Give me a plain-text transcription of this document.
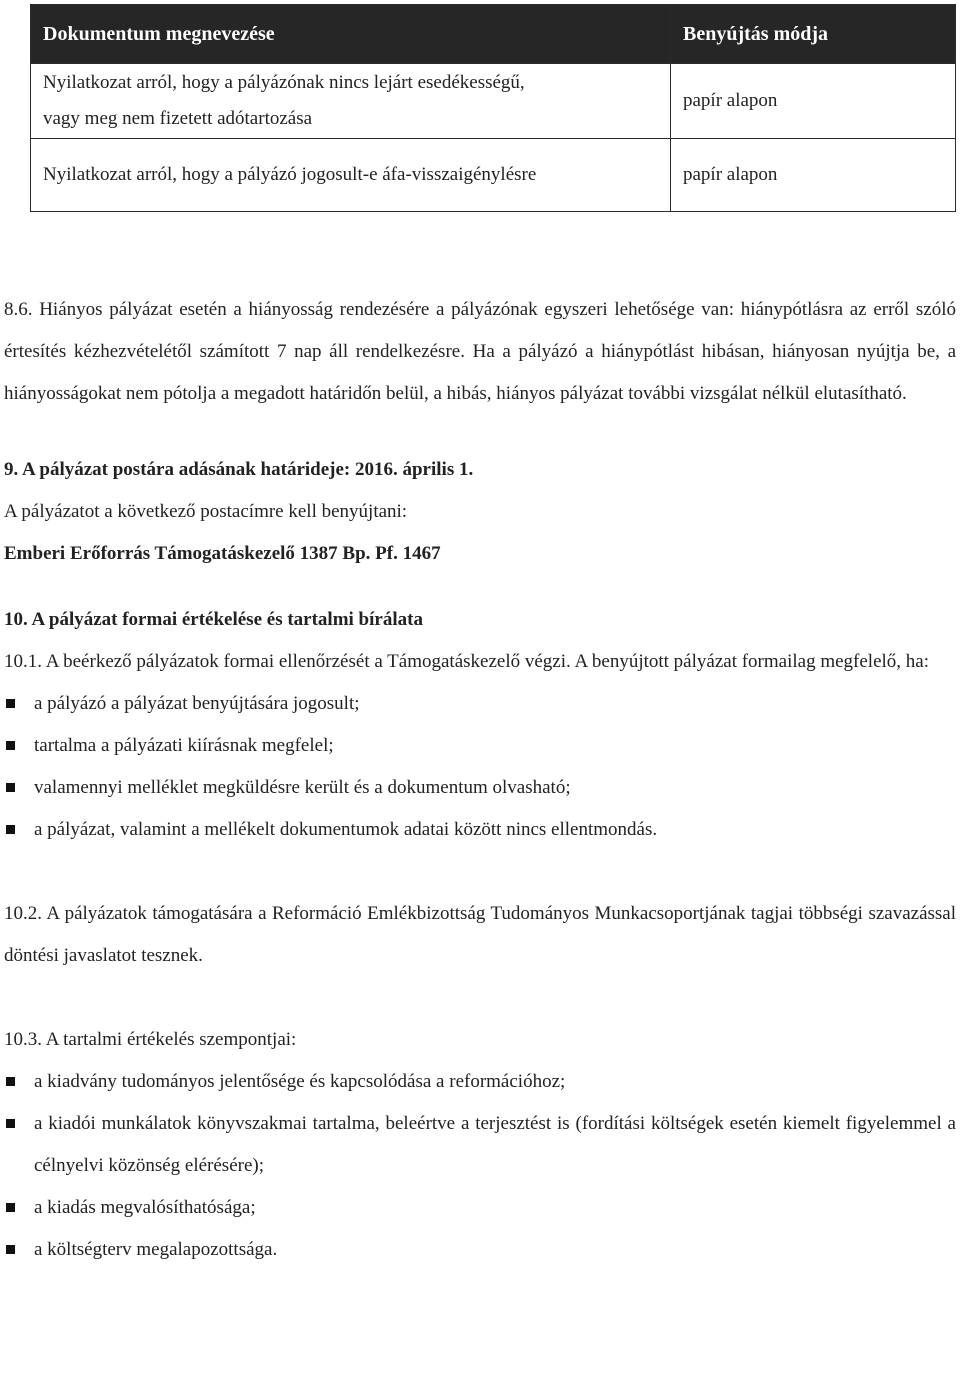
Dokumentum megnevezése	Benyújtás módja
Nyilatkozat arról, hogy a pályázónak nincs lejárt esedékességű,
vagy meg nem fizetett adótartozása	papír alapon
Nyilatkozat arról, hogy a pályázó jogosult-e áfa-visszaigénylésre	papír alapon

8.6. Hiányos pályázat esetén a hiányosság rendezésére a pályázónak egyszeri lehetősége van: hiánypótlásra az erről szóló értesítés kézhezvételétől számított 7 nap áll rendelkezésre. Ha a pályázó a hiánypótlást hibásan, hiányosan nyújtja be, a hiányosságokat nem pótolja a megadott határidőn belül, a hibás, hiányos pályázat további vizsgálat nélkül elutasítható.

9. A pályázat postára adásának határideje: 2016. április 1.

A pályázatot a következő postacímre kell benyújtani:

Emberi Erőforrás Támogatáskezelő 1387 Bp. Pf. 1467
10. A pályázat formai értékelése és tartalmi bírálata

10.1. A beérkező pályázatok formai ellenőrzését a Támogatáskezelő végzi. A benyújtott pályázat formailag megfelelő, ha:

a pályázó a pályázat benyújtására jogosult;
tartalma a pályázati kiírásnak megfelel;
valamennyi melléklet megküldésre került és a dokumentum olvasható;
a pályázat, valamint a mellékelt dokumentumok adatai között nincs ellentmondás.

10.2. A pályázatok támogatására a Reformáció Emlékbizottság Tudományos Munkacsoportjának tagjai többségi szavazással döntési javaslatot tesznek.

10.3. A tartalmi értékelés szempontjai:

a kiadvány tudományos jelentősége és kapcsolódása a reformációhoz;
a kiadói munkálatok könyvszakmai tartalma, beleértve a terjesztést is (fordítási költségek esetén kiemelt figyelemmel a célnyelvi közönség elérésére);
a kiadás megvalósíthatósága;
a költségterv megalapozottsága.
